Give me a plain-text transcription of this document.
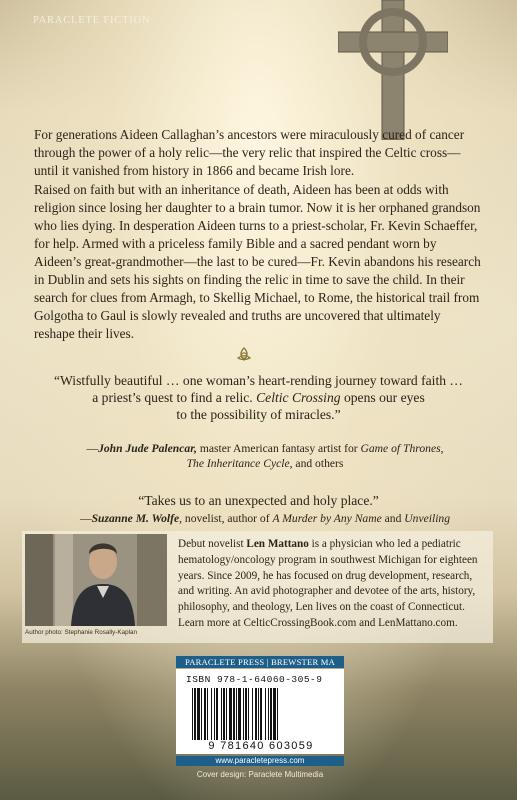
PARACLETE FICTION

For generations Aideen Callaghan’s ancestors were miraculously cured of cancer through the power of a holy relic—the very relic that inspired the Celtic cross—until it vanished from history in 1866 and became Irish lore.

Raised on faith but with an inheritance of death, Aideen has been at odds with religion since losing her daughter to a brain tumor. Now it is her orphaned grandson who lies dying. In desperation Aideen turns to a priest-scholar, Fr. Kevin Schaeffer, for help. Armed with a priceless family Bible and a sacred pendant worn by Aideen’s great-grandmother—the last to be cured—Fr. Kevin abandons his research in Dublin and sets his sights on finding the relic in time to save the child. In their search for clues from Armagh, to Skellig Michael, to Rome, the historical trail from Golgotha to Gaul is slowly revealed and truths are uncovered that ultimately reshape their lives.

“Wistfully beautiful … one woman’s heart-rending journey toward faith …
a priest’s quest to find a relic. Celtic Crossing opens our eyes
to the possibility of miracles.”

—John Jude Palencar, master American fantasy artist for Game of Thrones,
The Inheritance Cycle, and others

“Takes us to an unexpected and holy place.”

—Suzanne M. Wolfe, novelist, author of A Murder by Any Name and Unveiling

Author photo: Stephanie Rosally-Kaplan

Debut novelist Len Mattano is a physician who led a pediatric hematology/oncology program in southwest Michigan for eighteen years. Since 2009, he has focused on drug development, research, and writing. An avid photographer and devotee of the arts, history, philosophy, and theology, Len lives on the coast of Connecticut. Learn more at CelticCrossingBook.com and LenMattano.com.

PARACLETE PRESS | BREWSTER MA
ISBN 978-1-64060-305-9
9 781640 603059
www.paracletepress.com
Cover design: Paraclete Multimedia
